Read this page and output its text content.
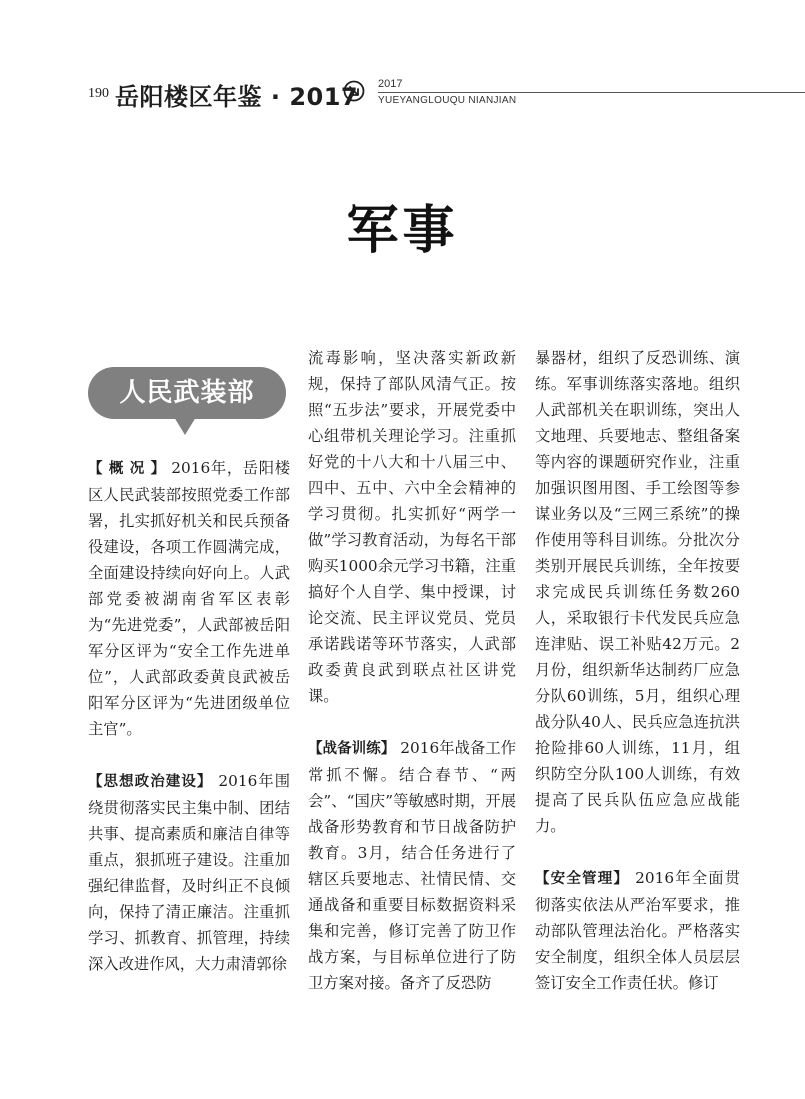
190 岳阳楼区年鉴 · 2017 2017
YUEYANGLOUQU NIANJIAN
军事
人民武装部

【 概 况 】 2016年，岳阳楼区人民武装部按照党委工作部署，扎实抓好机关和民兵预备役建设，各项工作圆满完成，全面建设持续向好向上。人武部党委被湖南省军区表彰为“先进党委”，人武部被岳阳军分区评为“安全工作先进单位”，人武部政委黄良武被岳阳军分区评为“先进团级单位主官”。

【思想政治建设】 2016年围绕贯彻落实民主集中制、团结共事、提高素质和廉洁自律等重点，狠抓班子建设。注重加强纪律监督，及时纠正不良倾向，保持了清正廉洁。注重抓学习、抓教育、抓管理，持续深入改进作风，大力肃清郭徐

流毒影响，坚决落实新政新规，保持了部队风清气正。按照“五步法”要求，开展党委中心组带机关理论学习。注重抓好党的十八大和十八届三中、四中、五中、六中全会精神的学习贯彻。扎实抓好“两学一做”学习教育活动，为每名干部购买1000余元学习书籍，注重搞好个人自学、集中授课，讨论交流、民主评议党员、党员承诺践诺等环节落实，人武部政委黄良武到联点社区讲党课。

【战备训练】 2016年战备工作常抓不懈。结合春节、“两会”、“国庆”等敏感时期，开展战备形势教育和节日战备防护教育。3月，结合任务进行了辖区兵要地志、社情民情、交通战备和重要目标数据资料采集和完善，修订完善了防卫作战方案，与目标单位进行了防卫方案对接。备齐了反恐防

暴器材，组织了反恐训练、演练。军事训练落实落地。组织人武部机关在职训练，突出人文地理、兵要地志、整组备案等内容的课题研究作业，注重加强识图用图、手工绘图等参谋业务以及“三网三系统”的操作使用等科目训练。分批次分类别开展民兵训练，全年按要求完成民兵训练任务数260人，采取银行卡代发民兵应急连津贴、误工补贴42万元。2月份，组织新华达制药厂应急分队60训练，5月，组织心理战分队40人、民兵应急连抗洪抢险排60人训练，11月，组织防空分队100人训练，有效提高了民兵队伍应急应战能力。

【安全管理】 2016年全面贯彻落实依法从严治军要求，推动部队管理法治化。严格落实安全制度，组织全体人员层层签订安全工作责任状。修订
